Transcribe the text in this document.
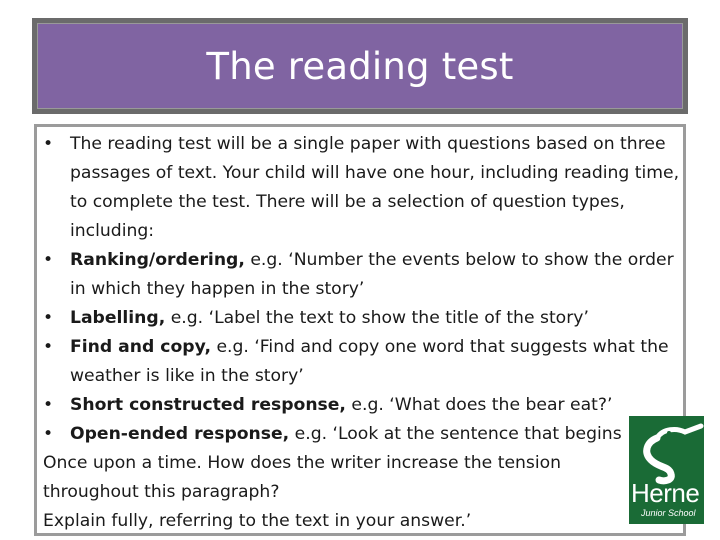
The reading test
• The reading test will be a single paper with questions based on three passages of text. Your child will have one hour, including reading time, to complete the test. There will be a selection of question types, including:
• Ranking/ordering, e.g. ‘Number the events below to show the order in which they happen in the story’
• Labelling, e.g. ‘Label the text to show the title of the story’
• Find and copy, e.g. ‘Find and copy one word that suggests what the weather is like in the story’
• Short constructed response, e.g. ‘What does the bear eat?’
• Open-ended response, e.g. ‘Look at the sentence that begins

Once upon a time. How does the writer increase the tension throughout this paragraph?

Explain fully, referring to the text in your answer.’

Herne
Junior School
